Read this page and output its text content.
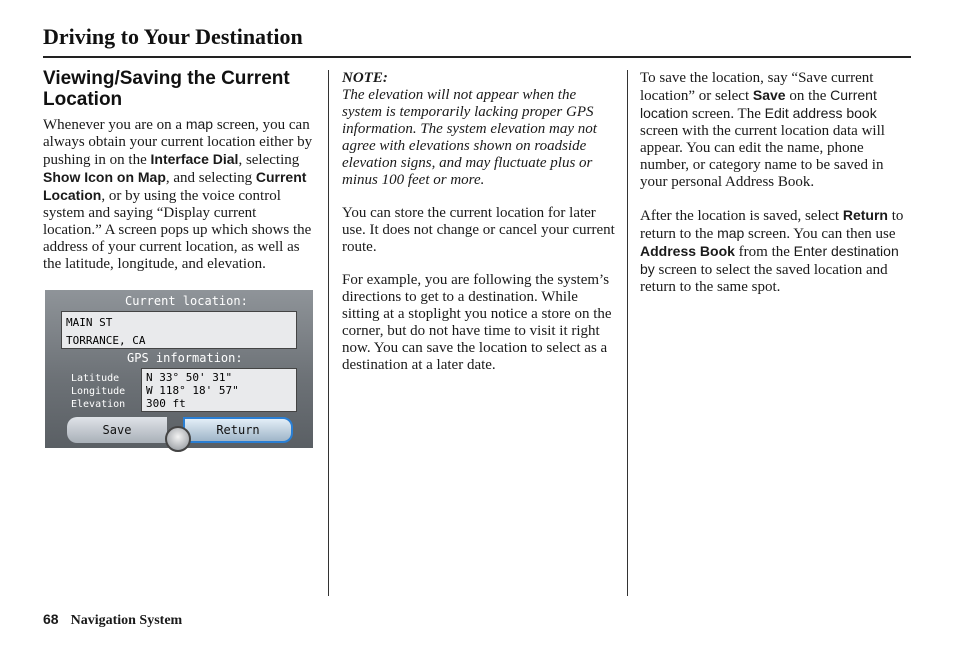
Driving to Your Destination
Viewing/Saving the Current Location

Whenever you are on a map screen, you can always obtain your current location either by pushing in on the Interface Dial, selecting Show Icon on Map, and selecting Current Location, or by using the voice control system and saying “Display current location.” A screen pops up which shows the address of your current location, as well as the latitude, longitude, and elevation.

Current location:
MAIN ST
TORRANCE, CA
GPS information:
Latitude
Longitude
Elevation
N 33° 50' 31"
W 118° 18' 57"
300 ft
Save	Return

NOTE:

The elevation will not appear when the system is temporarily lacking proper GPS information. The system elevation may not agree with elevations shown on roadside elevation signs, and may fluctuate plus or minus 100 feet or more.

You can store the current location for later use. It does not change or cancel your current route.

For example, you are following the system’s directions to get to a destination. While sitting at a stoplight you notice a store on the corner, but do not have time to visit it right now. You can save the location to select as a destination at a later date.

To save the location, say “Save current location” or select Save on the Current location screen. The Edit address book screen with the current location data will appear. You can edit the name, phone number, or category name to be saved in your personal Address Book.

After the location is saved, select Return to return to the map screen. You can then use Address Book from the Enter destination by screen to select the saved location and return to the same spot.

68 Navigation System
